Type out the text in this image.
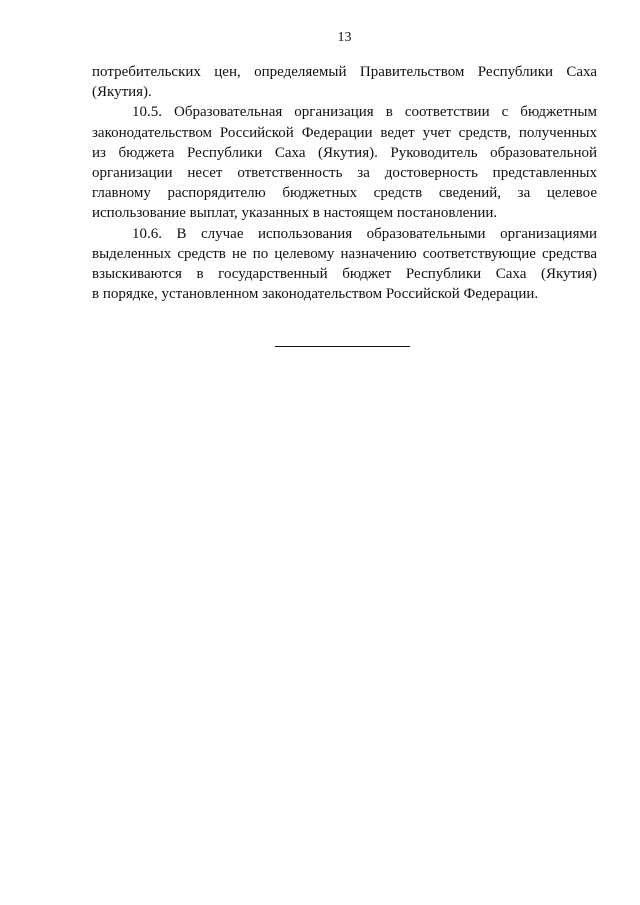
13
потребительских цен, определяемый Правительством Республики Саха
(Якутия).
10.5. Образовательная организация в соответствии с бюджетным
законодательством Российской Федерации ведет учет средств, полученных
из бюджета Республики Саха (Якутия). Руководитель образовательной
организации несет ответственность за достоверность представленных
главному распорядителю бюджетных средств сведений, за целевое
использование выплат, указанных в настоящем постановлении.
10.6. В случае использования образовательными организациями
выделенных средств не по целевому назначению соответствующие средства
взыскиваются в государственный бюджет Республики Саха (Якутия)
в порядке, установленном законодательством Российской Федерации.
